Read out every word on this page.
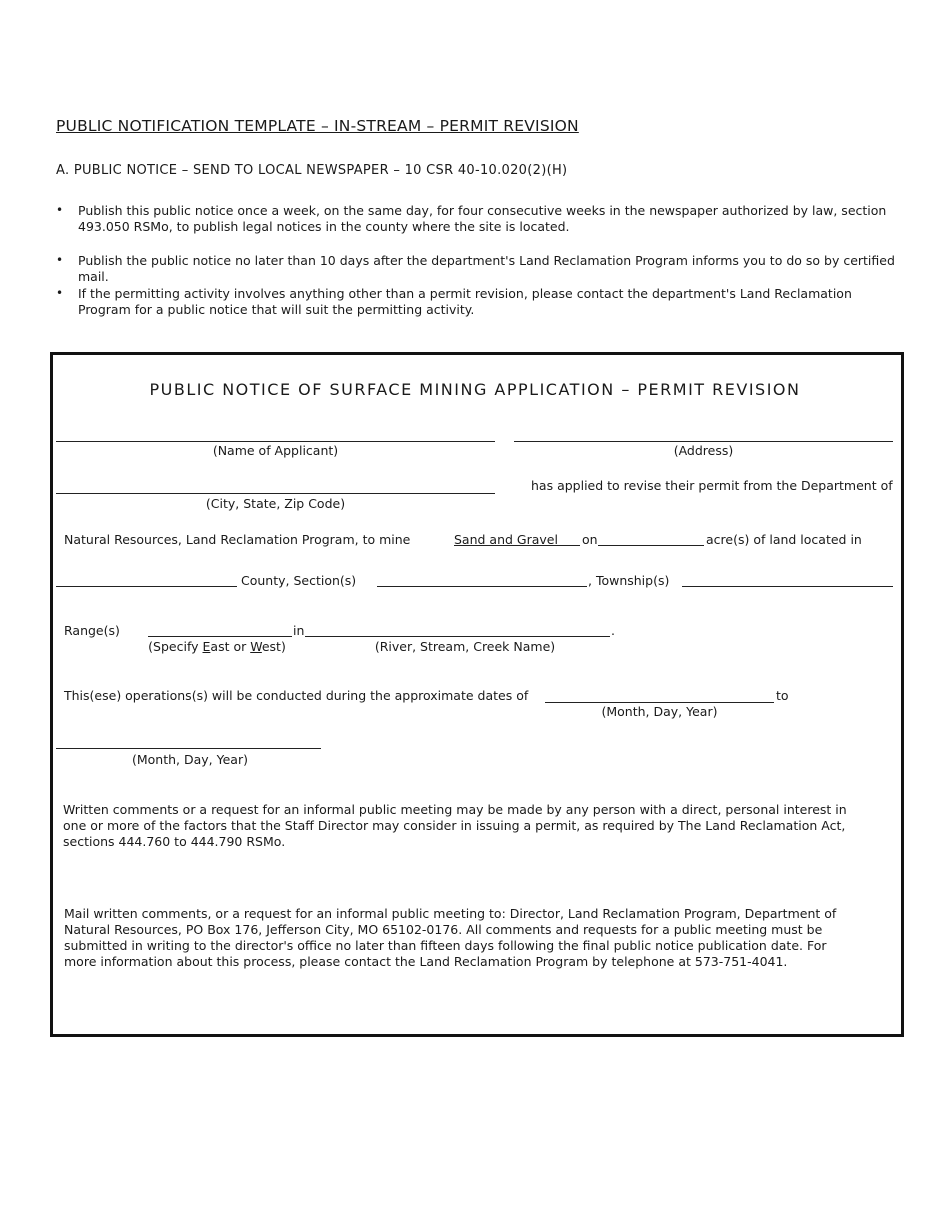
PUBLIC NOTIFICATION TEMPLATE – IN-STREAM – PERMIT REVISION
A. PUBLIC NOTICE – SEND TO LOCAL NEWSPAPER – 10 CSR 40-10.020(2)(H)
• Publish this public notice once a week, on the same day, for four consecutive weeks in the newspaper authorized by law, section 493.050 RSMo, to publish legal notices in the county where the site is located.
• Publish the public notice no later than 10 days after the department's Land Reclamation Program informs you to do so by certified mail.
• If the permitting activity involves anything other than a permit revision, please contact the department's Land Reclamation Program for a public notice that will suit the permitting activity.
PUBLIC NOTICE OF SURFACE MINING APPLICATION – PERMIT REVISION
(Name of Applicant)	(Address)
(City, State, Zip Code)
has applied to revise their permit from the Department of
Natural Resources, Land Reclamation Program, to mine	Sand and Gravel on	acre(s) of land located in
County, Section(s)	, Township(s)
Range(s)
(Specify East or West)
in	.
(River, Stream, Creek Name)
This(ese) operations(s) will be conducted during the approximate dates of	to
(Month, Day, Year)
(Month, Day, Year)
Written comments or a request for an informal public meeting may be made by any person with a direct, personal interest in
one or more of the factors that the Staff Director may consider in issuing a permit, as required by The Land Reclamation Act,
sections 444.760 to 444.790 RSMo.
Mail written comments, or a request for an informal public meeting to: Director, Land Reclamation Program, Department of
Natural Resources, PO Box 176, Jefferson City, MO 65102-0176. All comments and requests for a public meeting must be
submitted in writing to the director's office no later than fifteen days following the final public notice publication date. For
more information about this process, please contact the Land Reclamation Program by telephone at 573-751-4041.
